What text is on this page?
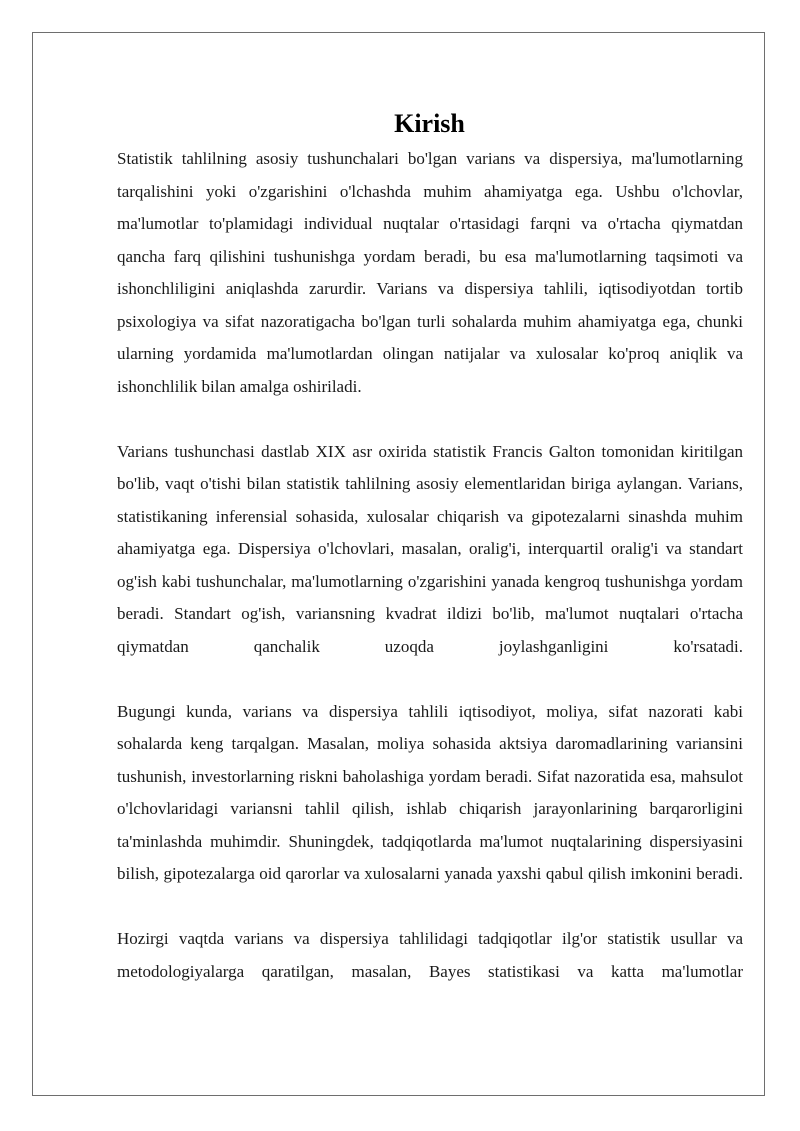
Kirish

Statistik tahlilning asosiy tushunchalari bo'lgan varians va dispersiya, ma'lumotlarning tarqalishini yoki o'zgarishini o'lchashda muhim ahamiyatga ega. Ushbu o'lchovlar, ma'lumotlar to'plamidagi individual nuqtalar o'rtasidagi farqni va o'rtacha qiymatdan qancha farq qilishini tushunishga yordam beradi, bu esa ma'lumotlarning taqsimoti va ishonchliligini aniqlashda zarurdir. Varians va dispersiya tahlili, iqtisodiyotdan tortib psixologiya va sifat nazoratigacha bo'lgan turli sohalarda muhim ahamiyatga ega, chunki ularning yordamida ma'lumotlardan olingan natijalar va xulosalar ko'proq aniqlik va ishonchlilik bilan amalga oshiriladi.

Varians tushunchasi dastlab XIX asr oxirida statistik Francis Galton tomonidan kiritilgan bo'lib, vaqt o'tishi bilan statistik tahlilning asosiy elementlaridan biriga aylangan. Varians, statistikaning inferensial sohasida, xulosalar chiqarish va gipotezalarni sinashda muhim ahamiyatga ega. Dispersiya o'lchovlari, masalan, oralig'i, interquartil oralig'i va standart og'ish kabi tushunchalar, ma'lumotlarning o'zgarishini yanada kengroq tushunishga yordam beradi. Standart og'ish, variansning kvadrat ildizi bo'lib, ma'lumot nuqtalari o'rtacha qiymatdan qanchalik uzoqda joylashganligini ko'rsatadi.

Bugungi kunda, varians va dispersiya tahlili iqtisodiyot, moliya, sifat nazorati kabi sohalarda keng tarqalgan. Masalan, moliya sohasida aktsiya daromadlarining variansini tushunish, investorlarning riskni baholashiga yordam beradi. Sifat nazoratida esa, mahsulot o'lchovlaridagi variansni tahlil qilish, ishlab chiqarish jarayonlarining barqarorligini ta'minlashda muhimdir. Shuningdek, tadqiqotlarda ma'lumot nuqtalarining dispersiyasini bilish, gipotezalarga oid qarorlar va xulosalarni yanada yaxshi qabul qilish imkonini beradi.

Hozirgi vaqtda varians va dispersiya tahlilidagi tadqiqotlar ilg'or statistik usullar va metodologiyalarga qaratilgan, masalan, Bayes statistikasi va katta ma'lumotlar
